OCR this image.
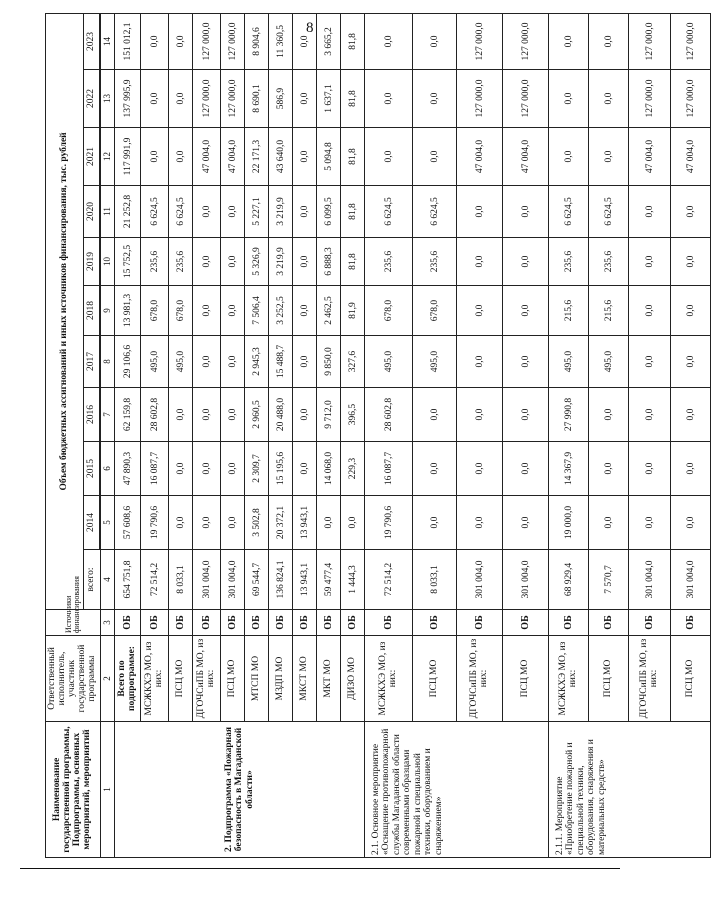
8
Наименование государственной программы, Подпрограммы, основных мероприятий, мероприятий	Ответственный исполнитель, участник государственной программы	Источники финансирования	Объем бюджетных ассигнований и иных источников финансирования, тыс. рублей										
			всего:	2014	2015	2016	2017	2018	2019	2020	2021	2022	2023

1	2	3	4	5	6	7	8	9	10	11	12	13	14
2. Подпрограмма «Пожарная безопасность в Магаданской области»	Всего по подпрограмме:	ОБ	654 751,8	57 608,6	47 890,3	62 159,8	29 106,6	13 981,3	15 752,5	21 252,8	117 991,9	137 995,9	151 012,1
	МСЖКХЭ МО, из них:	ОБ	72 514,2	19 790,6	16 087,7	28 602,8	495,0	678,0	235,6	6 624,5	0,0	0,0	0,0
	ПСЦ МО	ОБ	8 033,1	0,0	0,0	0,0	495,0	678,0	235,6	6 624,5	0,0	0,0	0,0
	ДГОЧСиПБ МО, из них:	ОБ	301 004,0	0,0	0,0	0,0	0,0	0,0	0,0	0,0	47 004,0	127 000,0	127 000,0
	ПСЦ МО	ОБ	301 004,0	0,0	0,0	0,0	0,0	0,0	0,0	0,0	47 004,0	127 000,0	127 000,0
	МТСП МО	ОБ	69 544,7	3 502,8	2 309,7	2 960,5	2 945,3	7 506,4	5 326,9	5 227,1	22 171,3	8 690,1	8 904,6
	МЗДП МО	ОБ	136 824,1	20 372,1	15 195,6	20 488,0	15 488,7	3 252,5	3 219,9	3 219,9	43 640,0	586,9	11 360,5
	МКСТ МО	ОБ	13 943,1	13 943,1	0,0	0,0	0,0	0,0	0,0	0,0	0,0	0,0	0,0
	МКТ МО	ОБ	59 477,4	0,0	14 068,0	9 712,0	9 850,0	2 462,5	6 888,3	6 099,5	5 094,8	1 637,1	3 665,2
	ДИЗО МО	ОБ	1 444,3	0,0	229,3	396,5	327,6	81,9	81,8	81,8	81,8	81,8	81,8
2.1. Основное мероприятие «Оснащение противопожарной службы Магаданской области современными образцами пожарной и специальной техники, оборудованием и снаряжением»	МСЖКХЭ МО, из них:	ОБ	72 514,2	19 790,6	16 087,7	28 602,8	495,0	678,0	235,6	6 624,5	0,0	0,0	0,0
	ПСЦ МО	ОБ	8 033,1	0,0	0,0	0,0	495,0	678,0	235,6	6 624,5	0,0	0,0	0,0
	ДГОЧСиПБ МО, из них:	ОБ	301 004,0	0,0	0,0	0,0	0,0	0,0	0,0	0,0	47 004,0	127 000,0	127 000,0
	ПСЦ МО	ОБ	301 004,0	0,0	0,0	0,0	0,0	0,0	0,0	0,0	47 004,0	127 000,0	127 000,0
2.1.1. Мероприятие «Приобретение пожарной и специальной техники, оборудования, снаряжения и материальных средств»	МСЖКХЭ МО, из них:	ОБ	68 929,4	19 000,0	14 367,9	27 990,8	495,0	215,6	235,6	6 624,5	0,0	0,0	0,0
	ПСЦ МО	ОБ	7 570,7	0,0	0,0	0,0	495,0	215,6	235,6	6 624,5	0,0	0,0	0,0
	ДГОЧСиПБ МО, из них:	ОБ	301 004,0	0,0	0,0	0,0	0,0	0,0	0,0	0,0	47 004,0	127 000,0	127 000,0
	ПСЦ МО	ОБ	301 004,0	0,0	0,0	0,0	0,0	0,0	0,0	0,0	47 004,0	127 000,0	127 000,0
